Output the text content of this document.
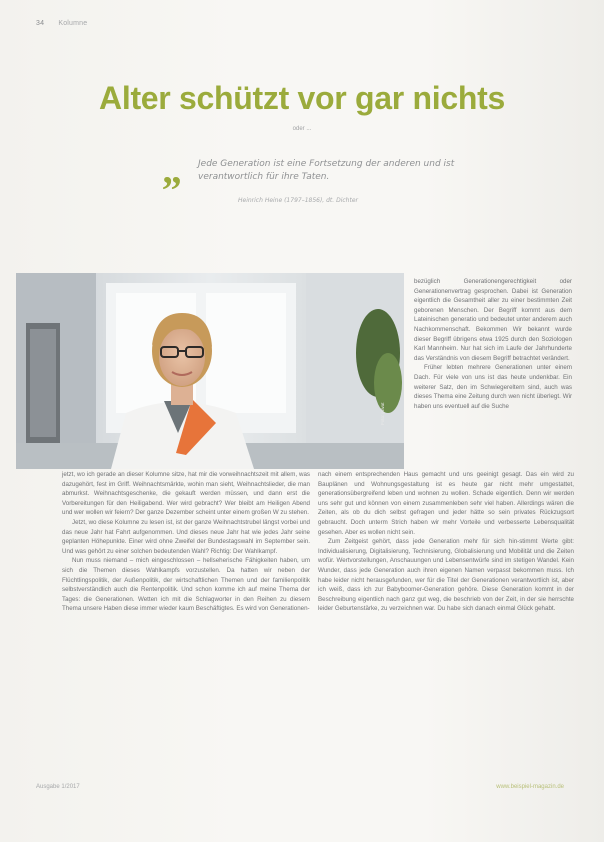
34 Kolumne
Alter schützt vor gar nichts
oder ...
„ Jede Generation ist eine Fortsetzung der anderen und ist verantwortlich für ihre Taten.
Heinrich Heine (1797–1856), dt. Dichter
Foto: privat

bezüglich Generationengerechtigkeit oder Generationenvertrag gesprochen. Dabei ist Generation eigentlich die Gesamtheit aller zu einer bestimmten Zeit geborenen Menschen. Der Begriff kommt aus dem Lateinischen generatio und bedeutet unter anderem auch Nachkommenschaft. Bekommen Wir bekannt wurde dieser Begriff übrigens etwa 1925 durch den Soziologen Karl Mannheim. Nur hat sich im Laufe der Jahrhunderte das Verständnis von diesem Begriff betrachtet verändert.

Früher lebten mehrere Generationen unter einem Dach. Für viele von uns ist das heute undenkbar. Ein weiterer Satz, den im Schwiegereltern sind, auch was dieses Thema eine Zeitung durch wen nicht überlegt. Wir haben uns eventuell auf die Suche

jetzt, wo ich gerade an dieser Kolumne sitze, hat mir die vorweihnachtszeit mit allem, was dazugehört, fest im Griff. Weihnachtsmärkte, wohin man sieht, Weihnachtslieder, die man abmurkst. Weihnachtsgeschenke, die gekauft werden müssen, und dann erst die Vorbereitungen für den Heiligabend. Wer wird gebracht? Wer bleibt am Heiligen Abend und wer wollen wir feiern? Der ganze Dezember scheint unter einem großen W zu stehen.

Jetzt, wo diese Kolumne zu lesen ist, ist der ganze Weihnachtstrubel längst vorbei und das neue Jahr hat Fahrt aufgenommen. Und dieses neue Jahr hat wie jedes Jahr seine geplanten Höhepunkte. Einer wird ohne Zweifel der Bundestagswahl im September sein. Und was gehört zu einer solchen bedeutenden Wahl? Richtig: Der Wahlkampf.

Nun muss niemand – mich eingeschlossen – hellseherische Fähigkeiten haben, um sich die Themen dieses Wahlkampfs vorzustellen. Da hatten wir neben der Flüchtlingspolitik, der Außenpolitik, der wirtschaftlichen Themen und der familienpolitik selbstverständlich auch die Rentenpolitik. Und schon komme ich auf meine Thema der Tages: die Generationen. Wetten ich mit die Schlagworter in den Reihen zu diesem Thema unsere Haben diese immer wieder kaum Beschäftigtes. Es wird von Generationen-

nach einem entsprechenden Haus gemacht und uns geeinigt gesagt. Das ein wird zu Bauplänen und Wohnungsgestaltung ist es heute gar nicht mehr umgestattet, generationsübergreifend leben und wohnen zu wollen. Schade eigentlich. Denn wir werden uns sehr gut und können von einem zusammenleben sehr viel haben. Allerdings wären die Zeiten, als ob du dich selbst gefragen und jeder hätte so sein privates Rückzugsort gebraucht. Doch unterm Strich haben wir mehr Vorteile und verbesserte Lebensqualität gesehen. Aber es wollen nicht sein.

Zum Zeitgeist gehört, dass jede Generation mehr für sich hin-stimmt Werte gibt: Individualisierung, Digitalisierung, Technisierung, Globalisierung und Mobilität und die Zeiten wofür. Wertvorstellungen, Anschauungen und Lebensentwürfe sind im stetigen Wandel. Kein Wunder, dass jede Generation auch ihren eigenen Namen verpasst bekommen muss. Ich habe leider nicht herausgefunden, wer für die Titel der Generationen verantwortlich ist, aber ich weiß, dass ich zur Babyboomer-Generation gehöre. Diese Generation kommt in der Beschreibung eigentlich nach ganz gut weg, die beschrieb von der Zeit, in der sie herrschte leider Geburtenstärke, zu verzeichnen war. Du habe sich danach einmal Glück gehabt.

Ausgabe 1/2017	www.beispiel-magazin.de
